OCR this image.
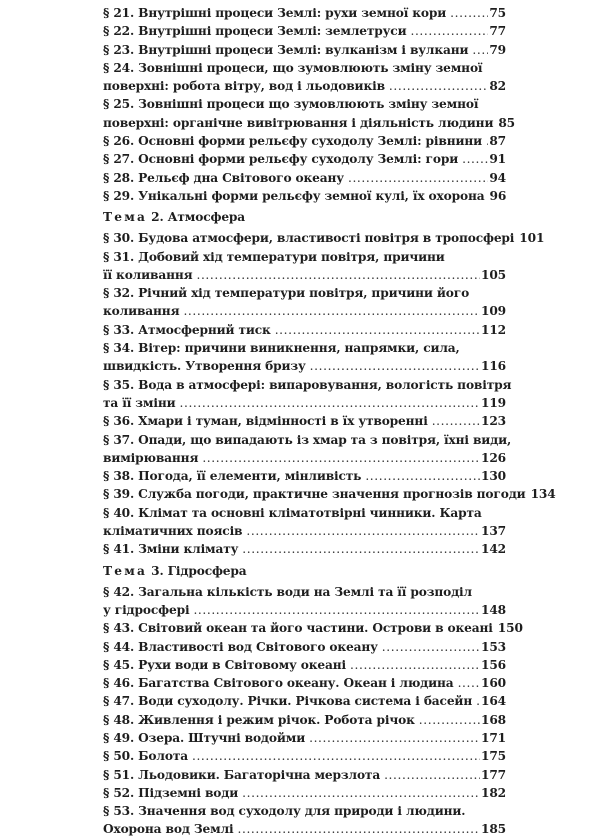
§ 21. Внутрішні процеси Землі: рухи земної кори .....	75
§ 22. Внутрішні процеси Землі: землетруси .....	77
§ 23. Внутрішні процеси Землі: вулканізм і вулкани ..... 79
§ 24. Зовнішні процеси, що зумовлюють зміну земної
поверхні: робота вітру, вод і льодовиків .....	82
§ 25. Зовнішні процеси що зумовлюють зміну земної
поверхні: органічне вивітрювання і діяльність людини 85
§ 26. Основні форми рельєфу суходолу Землі: рівнини ..... 87
§ 27. Основні форми рельєфу суходолу Землі: гори .....	91
§ 28. Рельєф дна Світового океану .....	94
§ 29. Унікальні форми рельєфу земної кулі, їх охорона 96
Тема 2. Атмосфера
§ 30. Будова атмосфери, властивості повітря в тропосфері 101
§ 31. Добовий хід температури повітря, причини
її коливання .....	105
§ 32. Річний хід температури повітря, причини його
коливання .....	109
§ 33. Атмосферний тиск .....	112
§ 34. Вітер: причини виникнення, напрямки, сила,
швидкість. Утворення бризу .....	116
§ 35. Вода в атмосфері: випаровування, вологість повітря
та її зміни .....	119
§ 36. Хмари і туман, відмінності в їх утворенні .....	123
§ 37. Опади, що випадають із хмар та з повітря, їхні види,
вимірювання .....	126
§ 38. Погода, її елементи, мінливість .....	130
§ 39. Служба погоди, практичне значення прогнозів погоди 134
§ 40. Клімат та основні кліматотвірні чинники. Карта
кліматичних поясів .....	137
§ 41. Зміни клімату .....	142
Тема 3. Гідросфера
§ 42. Загальна кількість води на Землі та її розподіл
у гідросфері .....	148
§ 43. Світовий океан та його частини. Острови в океані 150
§ 44. Властивості вод Світового океану .....	153
§ 45. Рухи води в Світовому океані .....	156
§ 46. Багатства Світового океану. Океан і людина ..... 160
§ 47. Води суходолу. Річки. Річкова система і басейн ..... 164
§ 48. Живлення і режим річок. Робота річок .....	168
§ 49. Озера. Штучні водойми .....	171
§ 50. Болота .....	175
§ 51. Льодовики. Багаторічна мерзлота .....	177
§ 52. Підземні води .....	182
§ 53. Значення вод суходолу для природи і людини.
Охорона вод Землі .....	185
